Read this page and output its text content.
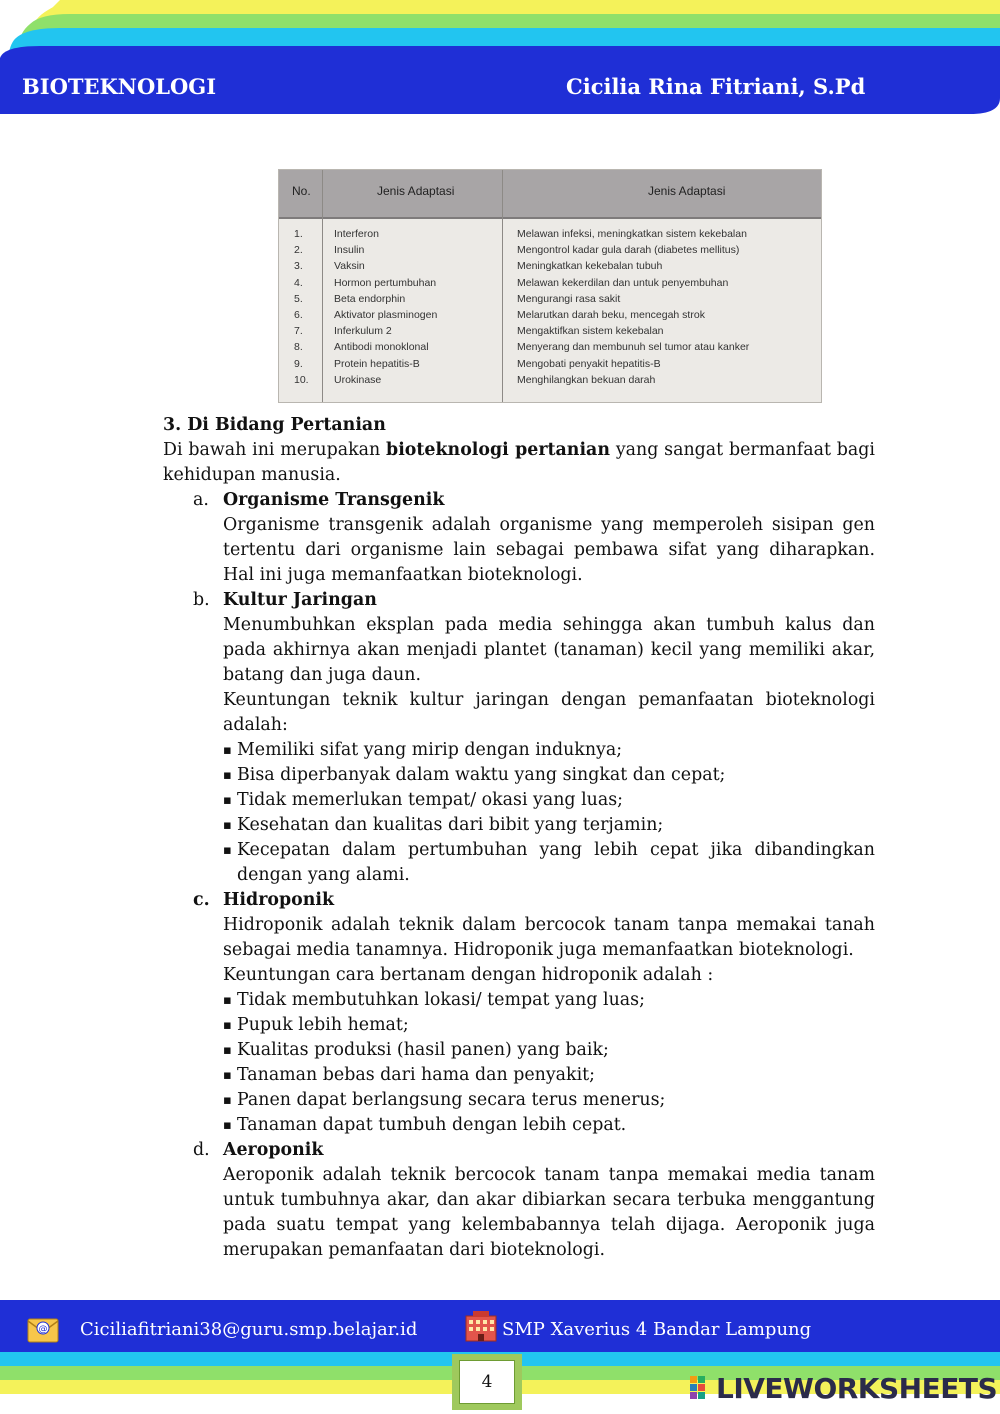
BIOTEKNOLOGI	Cicilia Rina Fitriani, S.Pd
No.	Jenis Adaptasi	Jenis Adaptasi
1.	Interferon	Melawan infeksi, meningkatkan sistem kekebalan
2.	Insulin	Mengontrol kadar gula darah (diabetes mellitus)
3.	Vaksin	Meningkatkan kekebalan tubuh
4.	Hormon pertumbuhan	Melawan kekerdilan dan untuk penyembuhan
5.	Beta endorphin	Mengurangi rasa sakit
6.	Aktivator plasminogen	Melarutkan darah beku, mencegah strok
7.	Inferkulum 2	Mengaktifkan sistem kekebalan
8.	Antibodi monoklonal	Menyerang dan membunuh sel tumor atau kanker
9.	Protein hepatitis-B	Mengobati penyakit hepatitis-B
10. Urokinase	Menghilangkan bekuan darah

3. Di Bidang Pertanian

Di bawah ini merupakan bioteknologi pertanian yang sangat bermanfaat bagi kehidupan manusia.

a. Organisme Transgenik

Organisme transgenik adalah organisme yang memperoleh sisipan gen tertentu dari organisme lain sebagai pembawa sifat yang diharapkan. Hal ini juga memanfaatkan bioteknologi.

b. Kultur Jaringan

Menumbuhkan eksplan pada media sehingga akan tumbuh kalus dan pada akhirnya akan menjadi plantet (tanaman) kecil yang memiliki akar, batang dan juga daun.

Keuntungan teknik kultur jaringan dengan pemanfaatan bioteknologi adalah:

▪ Memiliki sifat yang mirip dengan induknya;
▪ Bisa diperbanyak dalam waktu yang singkat dan cepat;
▪ Tidak memerlukan tempat/ okasi yang luas;
▪ Kesehatan dan kualitas dari bibit yang terjamin;
▪ Kecepatan dalam pertumbuhan yang lebih cepat jika dibandingkan dengan yang alami.
c. Hidroponik

Hidroponik adalah teknik dalam bercocok tanam tanpa memakai tanah sebagai media tanamnya. Hidroponik juga memanfaatkan bioteknologi.

Keuntungan cara bertanam dengan hidroponik adalah :

▪ Tidak membutuhkan lokasi/ tempat yang luas;
▪ Pupuk lebih hemat;
▪ Kualitas produksi (hasil panen) yang baik;
▪ Tanaman bebas dari hama dan penyakit;
▪ Panen dapat berlangsung secara terus menerus;
▪ Tanaman dapat tumbuh dengan lebih cepat.
d. Aeroponik

Aeroponik adalah teknik bercocok tanam tanpa memakai media tanam untuk tumbuhnya akar, dan akar dibiarkan secara terbuka menggantung pada suatu tempat yang kelembabannya telah dijaga. Aeroponik juga merupakan pemanfaatan dari bioteknologi.

@ Ciciliafitriani38@guru.smp.belajar.id	SMP Xaverius 4 Bandar Lampung
4	LIVEWORKSHEETS
